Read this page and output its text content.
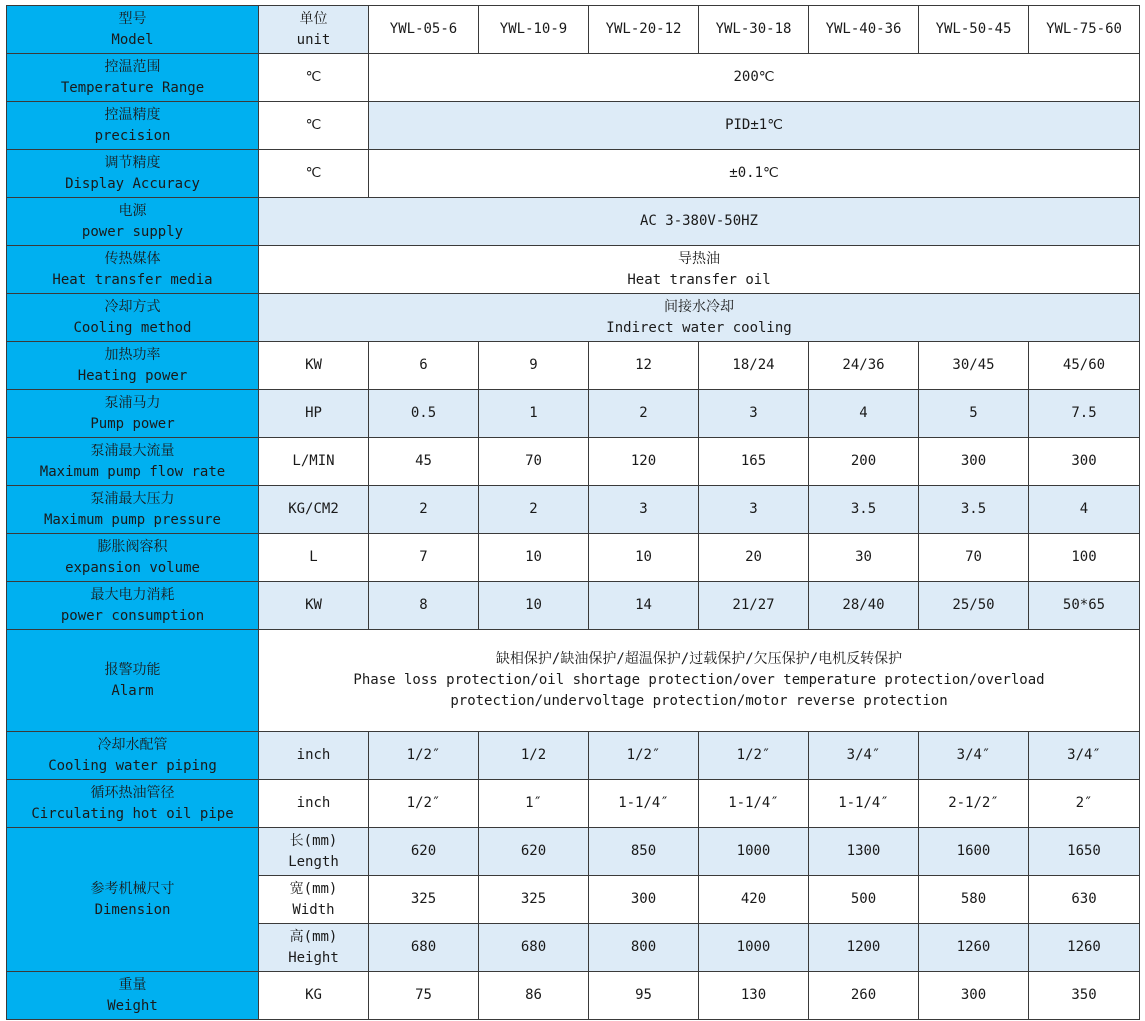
型号
Model	单位
unit	YWL-05-6	YWL-10-9	YWL-20-12	YWL-30-18	YWL-40-36	YWL-50-45	YWL-75-60

控温范围
Temperature Range	℃	200℃						

控温精度
precision	℃	PID±1℃						

调节精度
Display Accuracy	℃	±0.1℃						

电源
power supply	AC 3-380V-50HZ							

传热媒体
Heat transfer media	导热油
Heat transfer oil							

冷却方式
Cooling method	间接水冷却
Indirect water cooling							

加热功率
Heating power	KW	6	9	12	18/24	24/36	30/45	45/60

泵浦马力
Pump power	HP	0.5	1	2	3	4	5	7.5

泵浦最大流量
Maximum pump flow rate	L/MIN	45	70	120	165	200	300	300

泵浦最大压力
Maximum pump pressure	KG/CM2	2	2	3	3	3.5	3.5	4

膨胀阀容积
expansion volume	L	7	10	10	20	30	70	100

最大电力消耗
power consumption	KW	8	10	14	21/27	28/40	25/50	50*65

报警功能
Alarm	缺相保护/缺油保护/超温保护/过载保护/欠压保护/电机反转保护
Phase loss protection/oil shortage protection/over temperature protection/overload
protection/undervoltage protection/motor reverse protection							

冷却水配管
Cooling water piping	inch	1/2″	1/2	1/2″	1/2″	3/4″	3/4″	3/4″

循环热油管径
Circulating hot oil pipe	inch	1/2″	1″	1-1/4″	1-1/4″	1-1/4″	2-1/2″	2″

参考机械尺寸
Dimension	长(mm)
Length	620	620	850	1000	1300	1600	1650

	宽(mm)
Width	325	325	300	420	500	580	630

	高(mm)
Height	680	680	800	1000	1200	1260	1260

重量
Weight	KG	75	86	95	130	260	300	350
